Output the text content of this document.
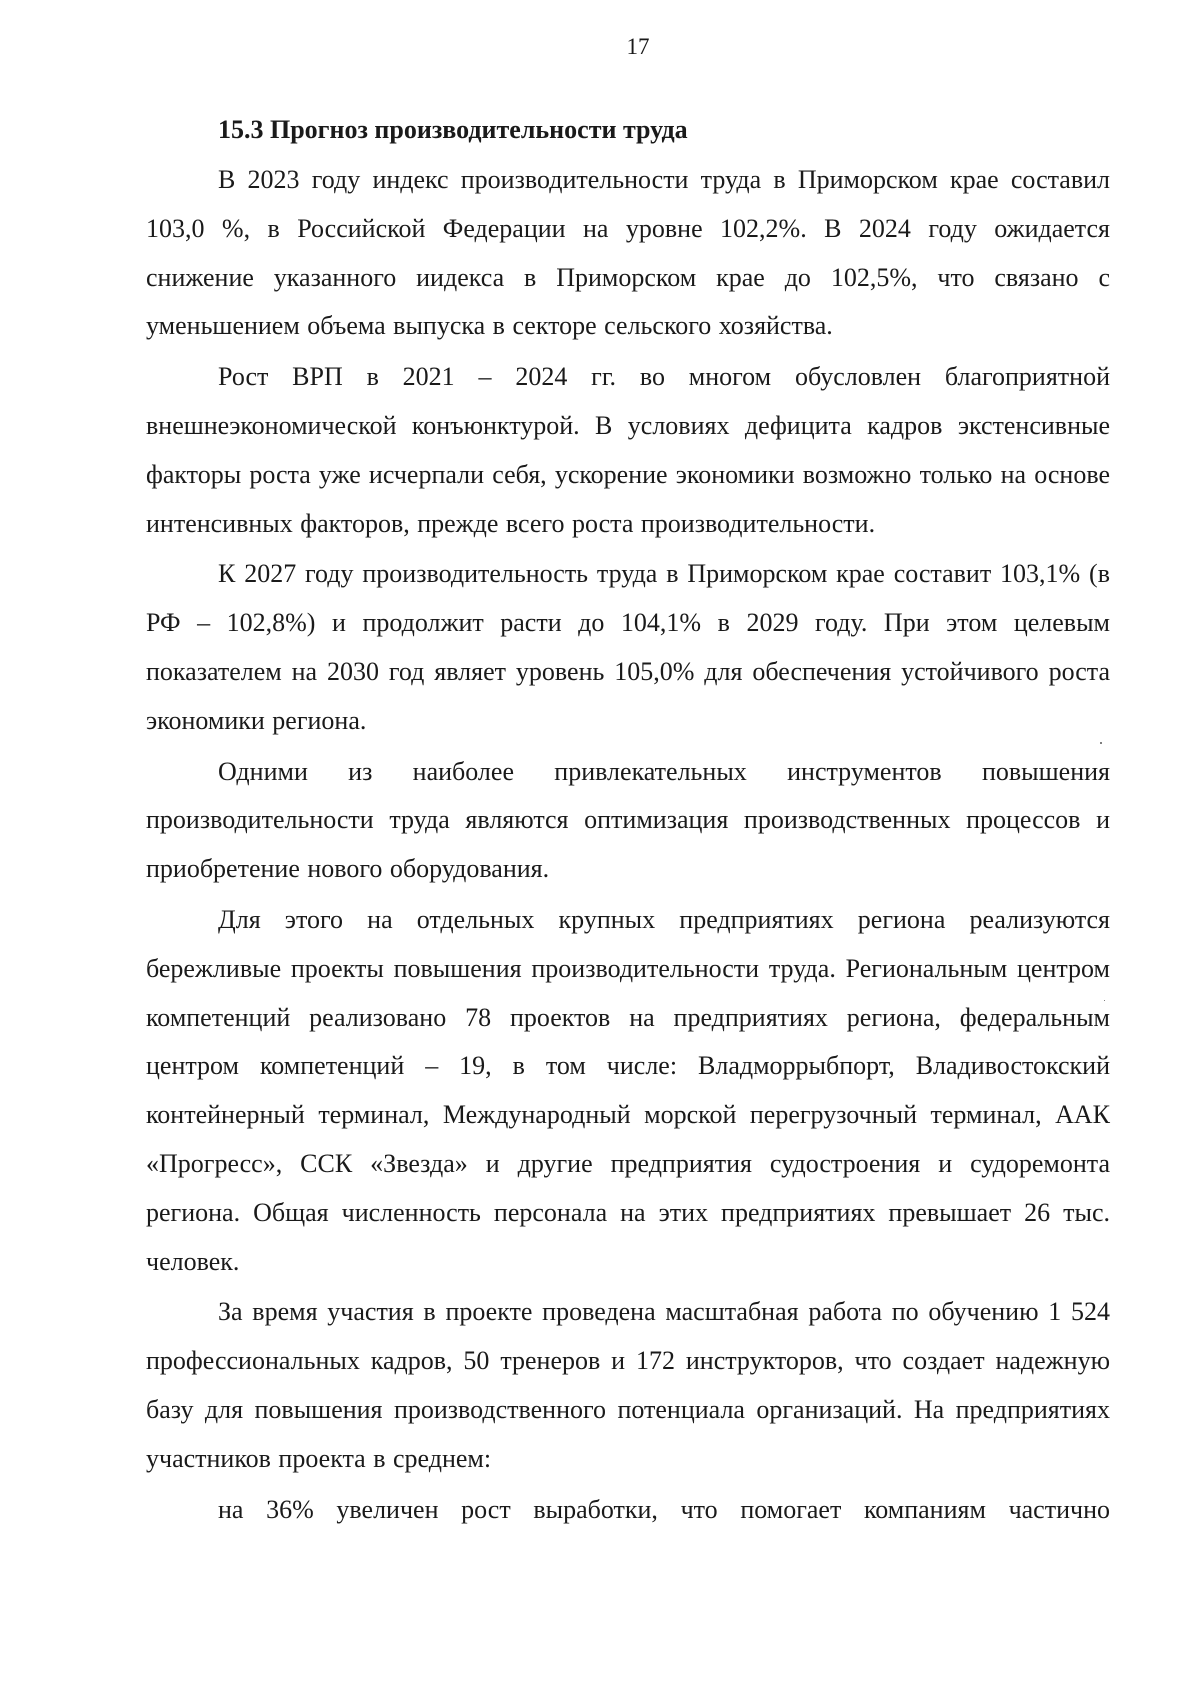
17
15.3 Прогноз производительности труда

В 2023 году индекс производительности труда в Приморском крае составил 103,0 %, в Российской Федерации на уровне 102,2%. В 2024 году ожидается снижение указанного иидекса в Приморском крае до 102,5%, что связано с уменьшением объема выпуска в секторе сельского хозяйства.

Рост ВРП в 2021 – 2024 гг. во многом обусловлен благоприятной внешнеэкономической конъюнктурой. В условиях дефицита кадров экстенсивные факторы роста уже исчерпали себя, ускорение экономики возможно только на основе интенсивных факторов, прежде всего роста производительности.

К 2027 году производительность труда в Приморском крае составит 103,1% (в РФ – 102,8%) и продолжит расти до 104,1% в 2029 году. При этом целевым показателем на 2030 год являет уровень 105,0% для обеспечения устойчивого роста экономики региона.

Одними из наиболее привлекательных инструментов повышения производительности труда являются оптимизация производственных процессов и приобретение нового оборудования.

Для этого на отдельных крупных предприятиях региона реализуются бережливые проекты повышения производительности труда. Региональным центром компетенций реализовано 78 проектов на предприятиях региона, федеральным центром компетенций – 19, в том числе: Владморрыбпорт, Владивостокский контейнерный терминал, Международный морской перегрузочный терминал, ААК «Прогресс», ССК «Звезда» и другие предприятия судостроения и судоремонта региона. Общая численность персонала на этих предприятиях превышает 26 тыс. человек.

За время участия в проекте проведена масштабная работа по обучению 1 524 профессиональных кадров, 50 тренеров и 172 инструкторов, что создает надежную базу для повышения производственного потенциала организаций. На предприятиях участников проекта в среднем:

на 36% увеличен рост выработки, что помогает компаниям частично
